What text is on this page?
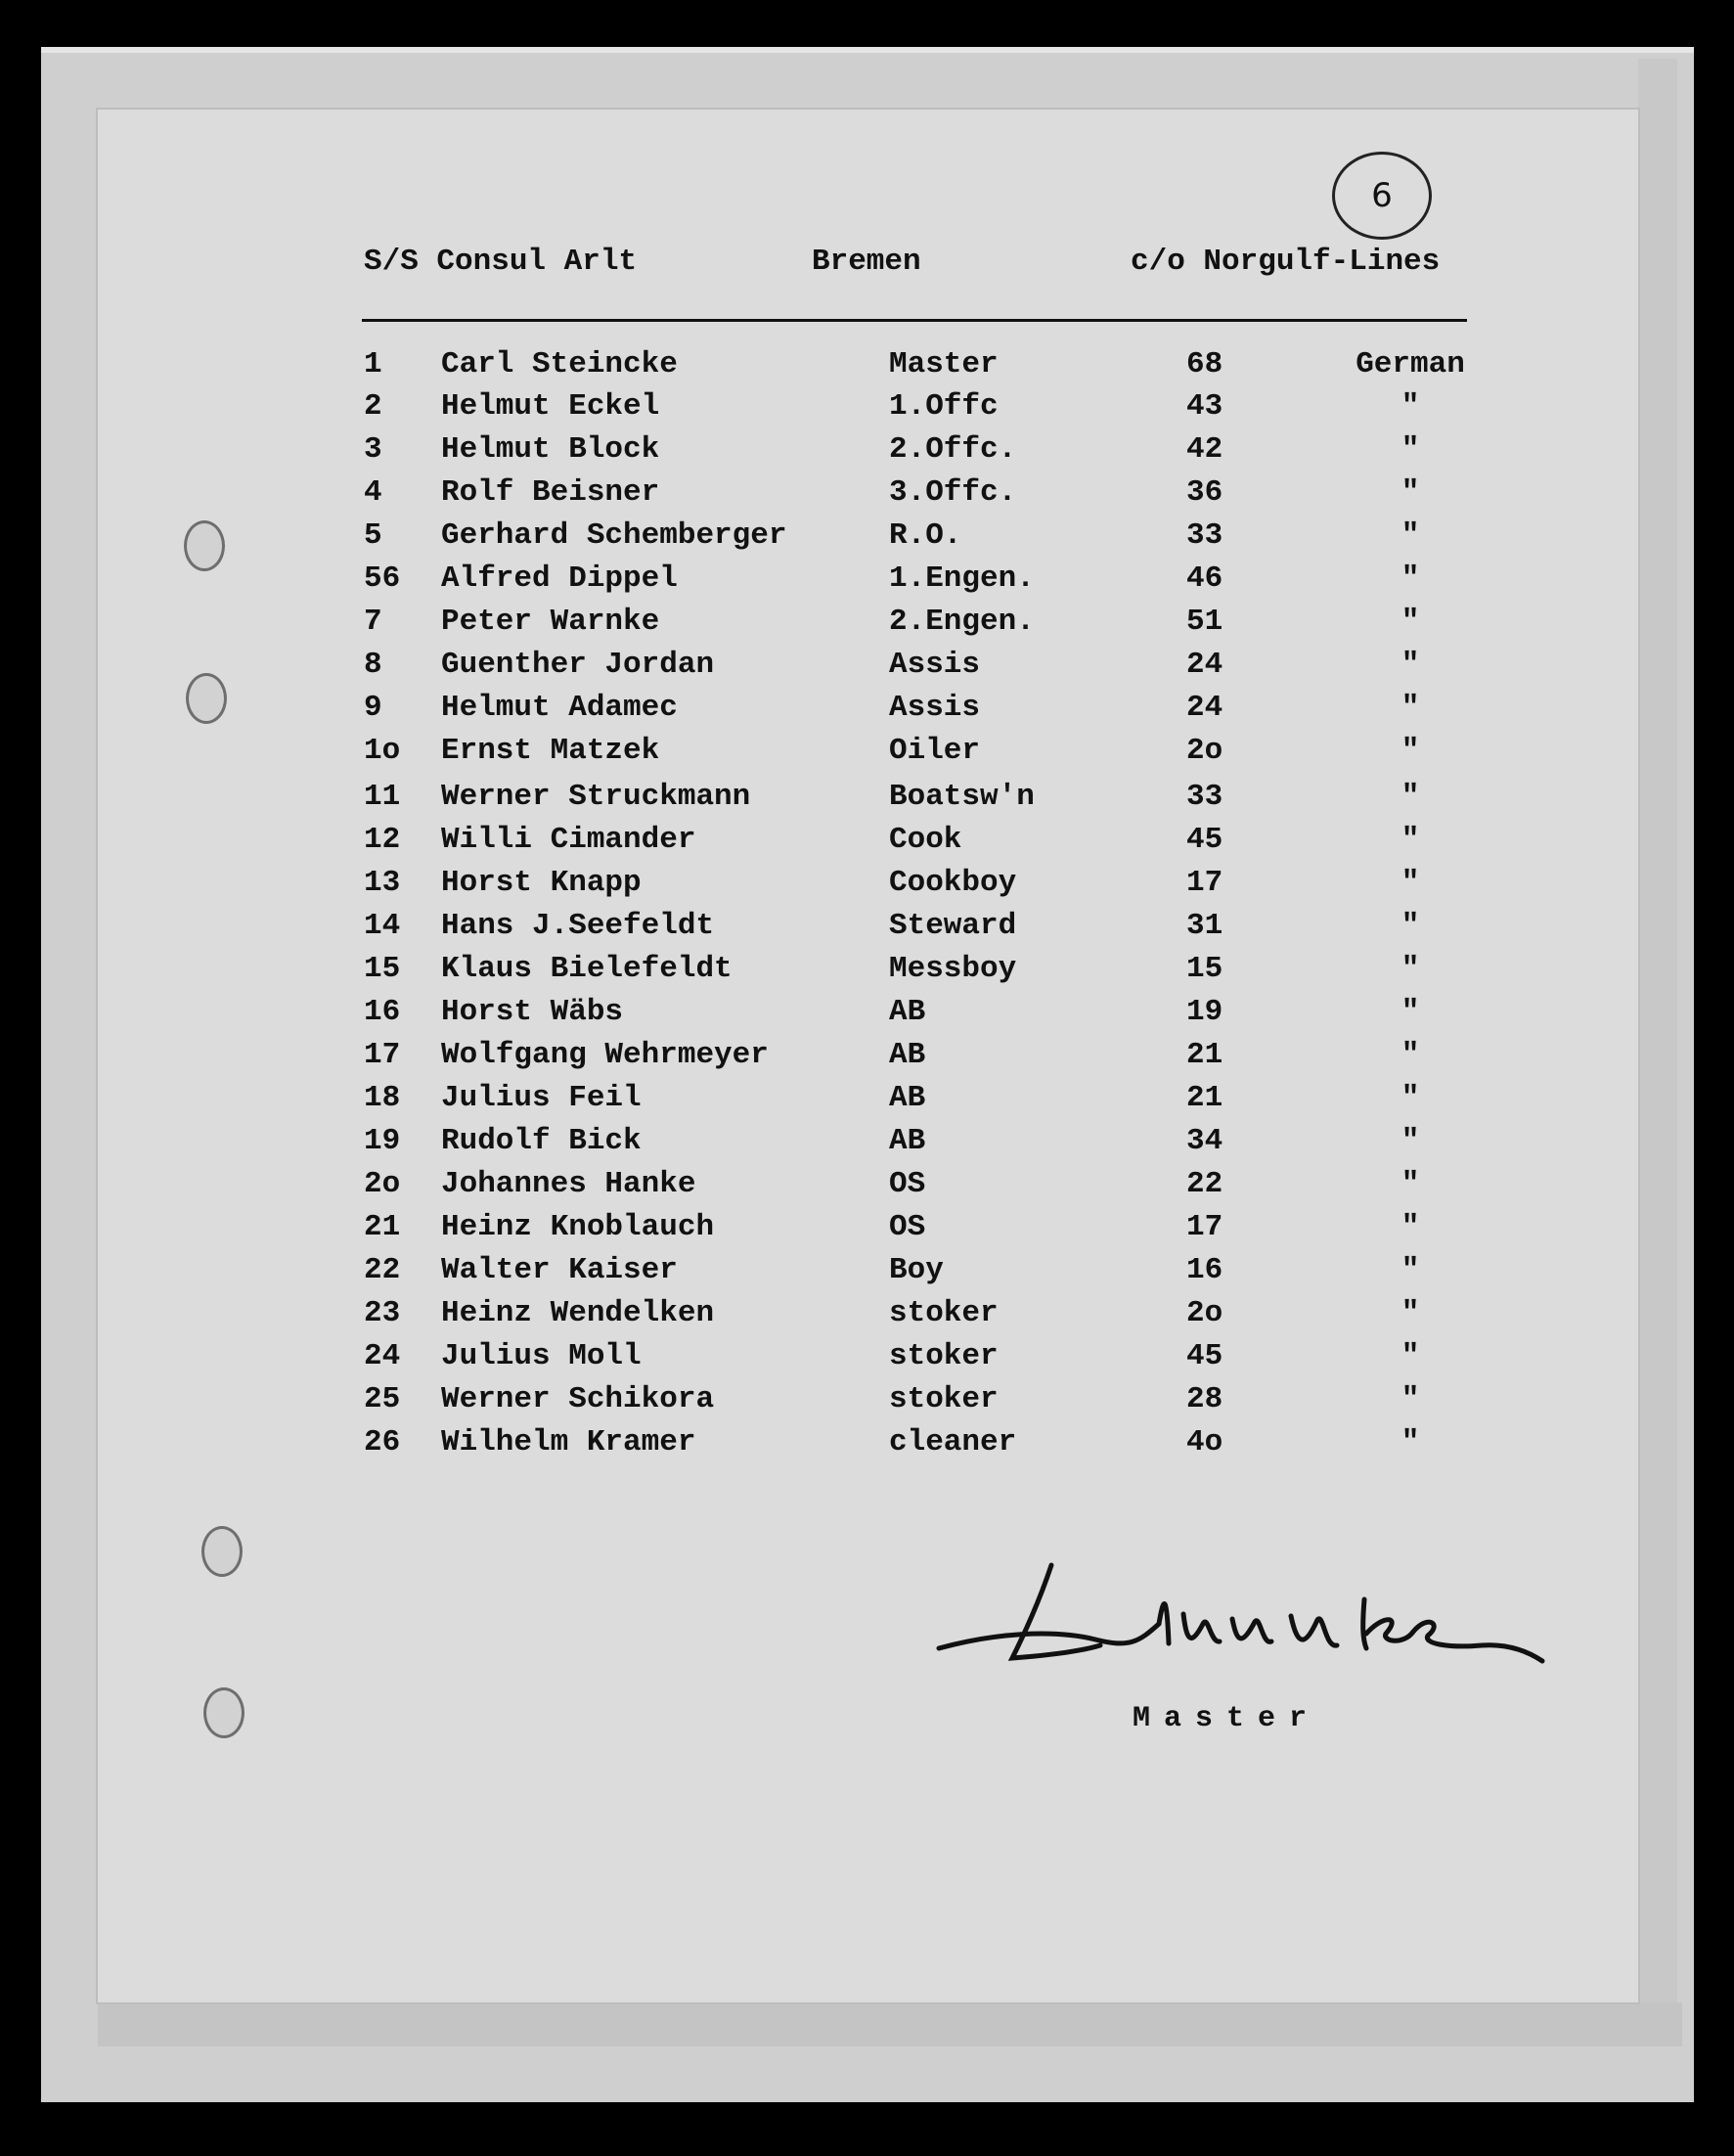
6
S/S Consul Arlt	Bremen	c/o Norgulf-Lines
1 Carl Steincke	Master	68	German
2 Helmut Eckel	1.Offc	43	"
3 Helmut Block	2.Offc.	42	"
4 Rolf Beisner	3.Offc.	36	"
5 Gerhard Schemberger	R.O.	33	"
56 Alfred Dippel	1.Engen.	46	"
7 Peter Warnke	2.Engen.	51	"
8 Guenther Jordan	Assis	24	"
9 Helmut Adamec	Assis	24	"
1o Ernst Matzek	Oiler	2o	"
11 Werner Struckmann	Boatsw'n	33	"
12 Willi Cimander	Cook	45	"
13 Horst Knapp	Cookboy	17	"
14 Hans J.Seefeldt	Steward	31	"
15 Klaus Bielefeldt	Messboy	15	"
16 Horst Wäbs	AB	19	"
17 Wolfgang Wehrmeyer	AB	21	"
18 Julius Feil	AB	21	"
19 Rudolf Bick	AB	34	"
2o Johannes Hanke	OS	22	"
21 Heinz Knoblauch	OS	17	"
22 Walter Kaiser	Boy	16	"
23 Heinz Wendelken	stoker	2o	"
24 Julius Moll	stoker	45	"
25 Werner Schikora	stoker	28	"
26 Wilhelm Kramer	cleaner	4o	"
Master
